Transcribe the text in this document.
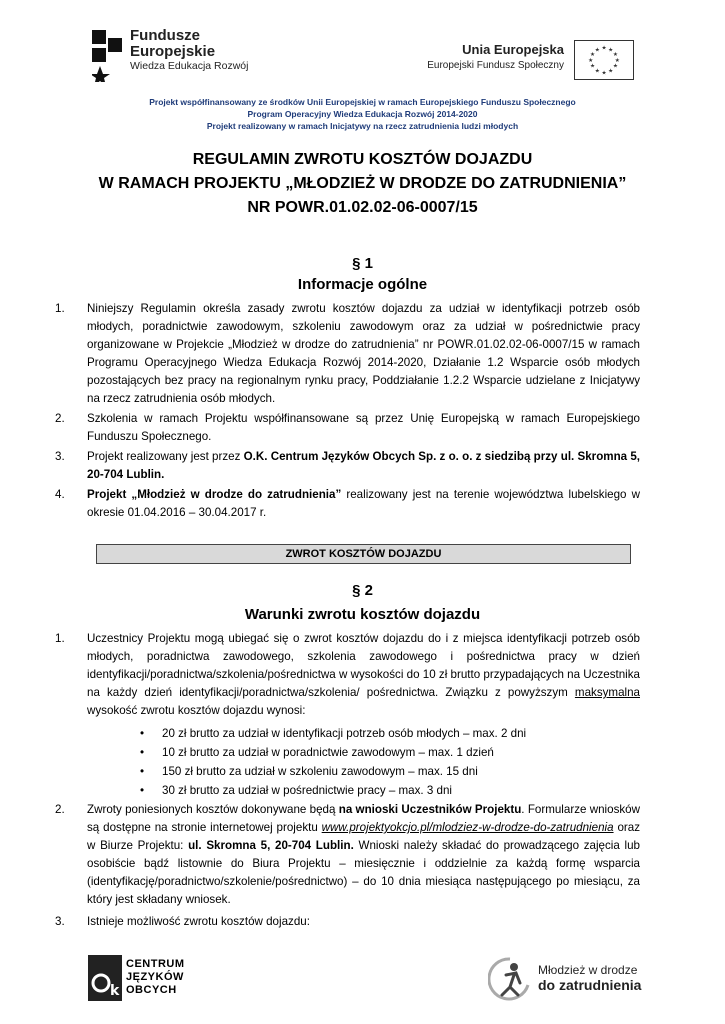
Fundusze
Europejskie
Wiedza Edukacja Rozwój
Unia Europejska
Europejski Fundusz Społeczny
★ ★
★
★
★
★
★
★
★
★
★
★
Projekt współfinansowany ze środków Unii Europejskiej w ramach Europejskiego Funduszu Społecznego
Program Operacyjny Wiedza Edukacja Rozwój 2014-2020
Projekt realizowany w ramach Inicjatywy na rzecz zatrudnienia ludzi młodych
REGULAMIN ZWROTU KOSZTÓW DOJAZDU
W RAMACH PROJEKTU „MŁODZIEŻ W DRODZE DO ZATRUDNIENIA”
NR POWR.01.02.02-06-0007/15
§ 1
Informacje ogólne
1.	Niniejszy Regulamin określa zasady zwrotu kosztów dojazdu za udział w identyfikacji potrzeb osób młodych, poradnictwie zawodowym, szkoleniu zawodowym oraz za udział w pośrednictwie pracy organizowane w Projekcie „Młodzież w drodze do zatrudnienia” nr POWR.01.02.02-06-0007/15 w ramach Programu Operacyjnego Wiedza Edukacja Rozwój 2014-2020, Działanie 1.2 Wsparcie osób młodych pozostających bez pracy na regionalnym rynku pracy, Poddziałanie 1.2.2 Wsparcie udzielane z Inicjatywy na rzecz zatrudnienia osób młodych.
2.	Szkolenia w ramach Projektu współfinansowane są przez Unię Europejską w ramach Europejskiego Funduszu Społecznego.
3.	Projekt realizowany jest przez O.K. Centrum Języków Obcych Sp. z o. o. z siedzibą przy ul. Skromna 5, 20-704 Lublin.
4.	Projekt „Młodzież w drodze do zatrudnienia” realizowany jest na terenie województwa lubelskiego w okresie 01.04.2016 – 30.04.2017 r.
ZWROT KOSZTÓW DOJAZDU
§ 2
Warunki zwrotu kosztów dojazdu
1.	Uczestnicy Projektu mogą ubiegać się o zwrot kosztów dojazdu do i z miejsca identyfikacji potrzeb osób młodych, poradnictwa zawodowego, szkolenia zawodowego i pośrednictwa pracy w dzień identyfikacji/poradnictwa/szkolenia/pośrednictwa w wysokości do 10 zł brutto przypadających na Uczestnika na każdy dzień identyfikacji/poradnictwa/szkolenia/ pośrednictwa. Związku z powyższym maksymalna wysokość zwrotu kosztów dojazdu wynosi:
• 20 zł brutto za udział w identyfikacji potrzeb osób młodych – max. 2 dni
• 10 zł brutto za udział w poradnictwie zawodowym – max. 1 dzień
• 150 zł brutto za udział w szkoleniu zawodowym – max. 15 dni
• 30 zł brutto za udział w pośrednictwie pracy – max. 3 dni
2.	Zwroty poniesionych kosztów dokonywane będą na wnioski Uczestników Projektu. Formularze wniosków są dostępne na stronie internetowej projektu www.projektyokcjo.pl/mlodziez-w-drodze-do-zatrudnienia oraz w Biurze Projektu: ul. Skromna 5, 20-704 Lublin. Wnioski należy składać do prowadzącego zajęcia lub osobiście bądź listownie do Biura Projektu – miesięcznie i oddzielnie za każdą formę wsparcia (identyfikację/poradnictwo/szkolenie/pośrednictwo) – do 10 dnia miesiąca następującego po miesiącu, za który jest składany wniosek.
3.	Istnieje możliwość zwrotu kosztów dojazdu:
k
CENTRUM
JĘZYKÓW
OBCYCH
Młodzież w drodze
do zatrudnienia
